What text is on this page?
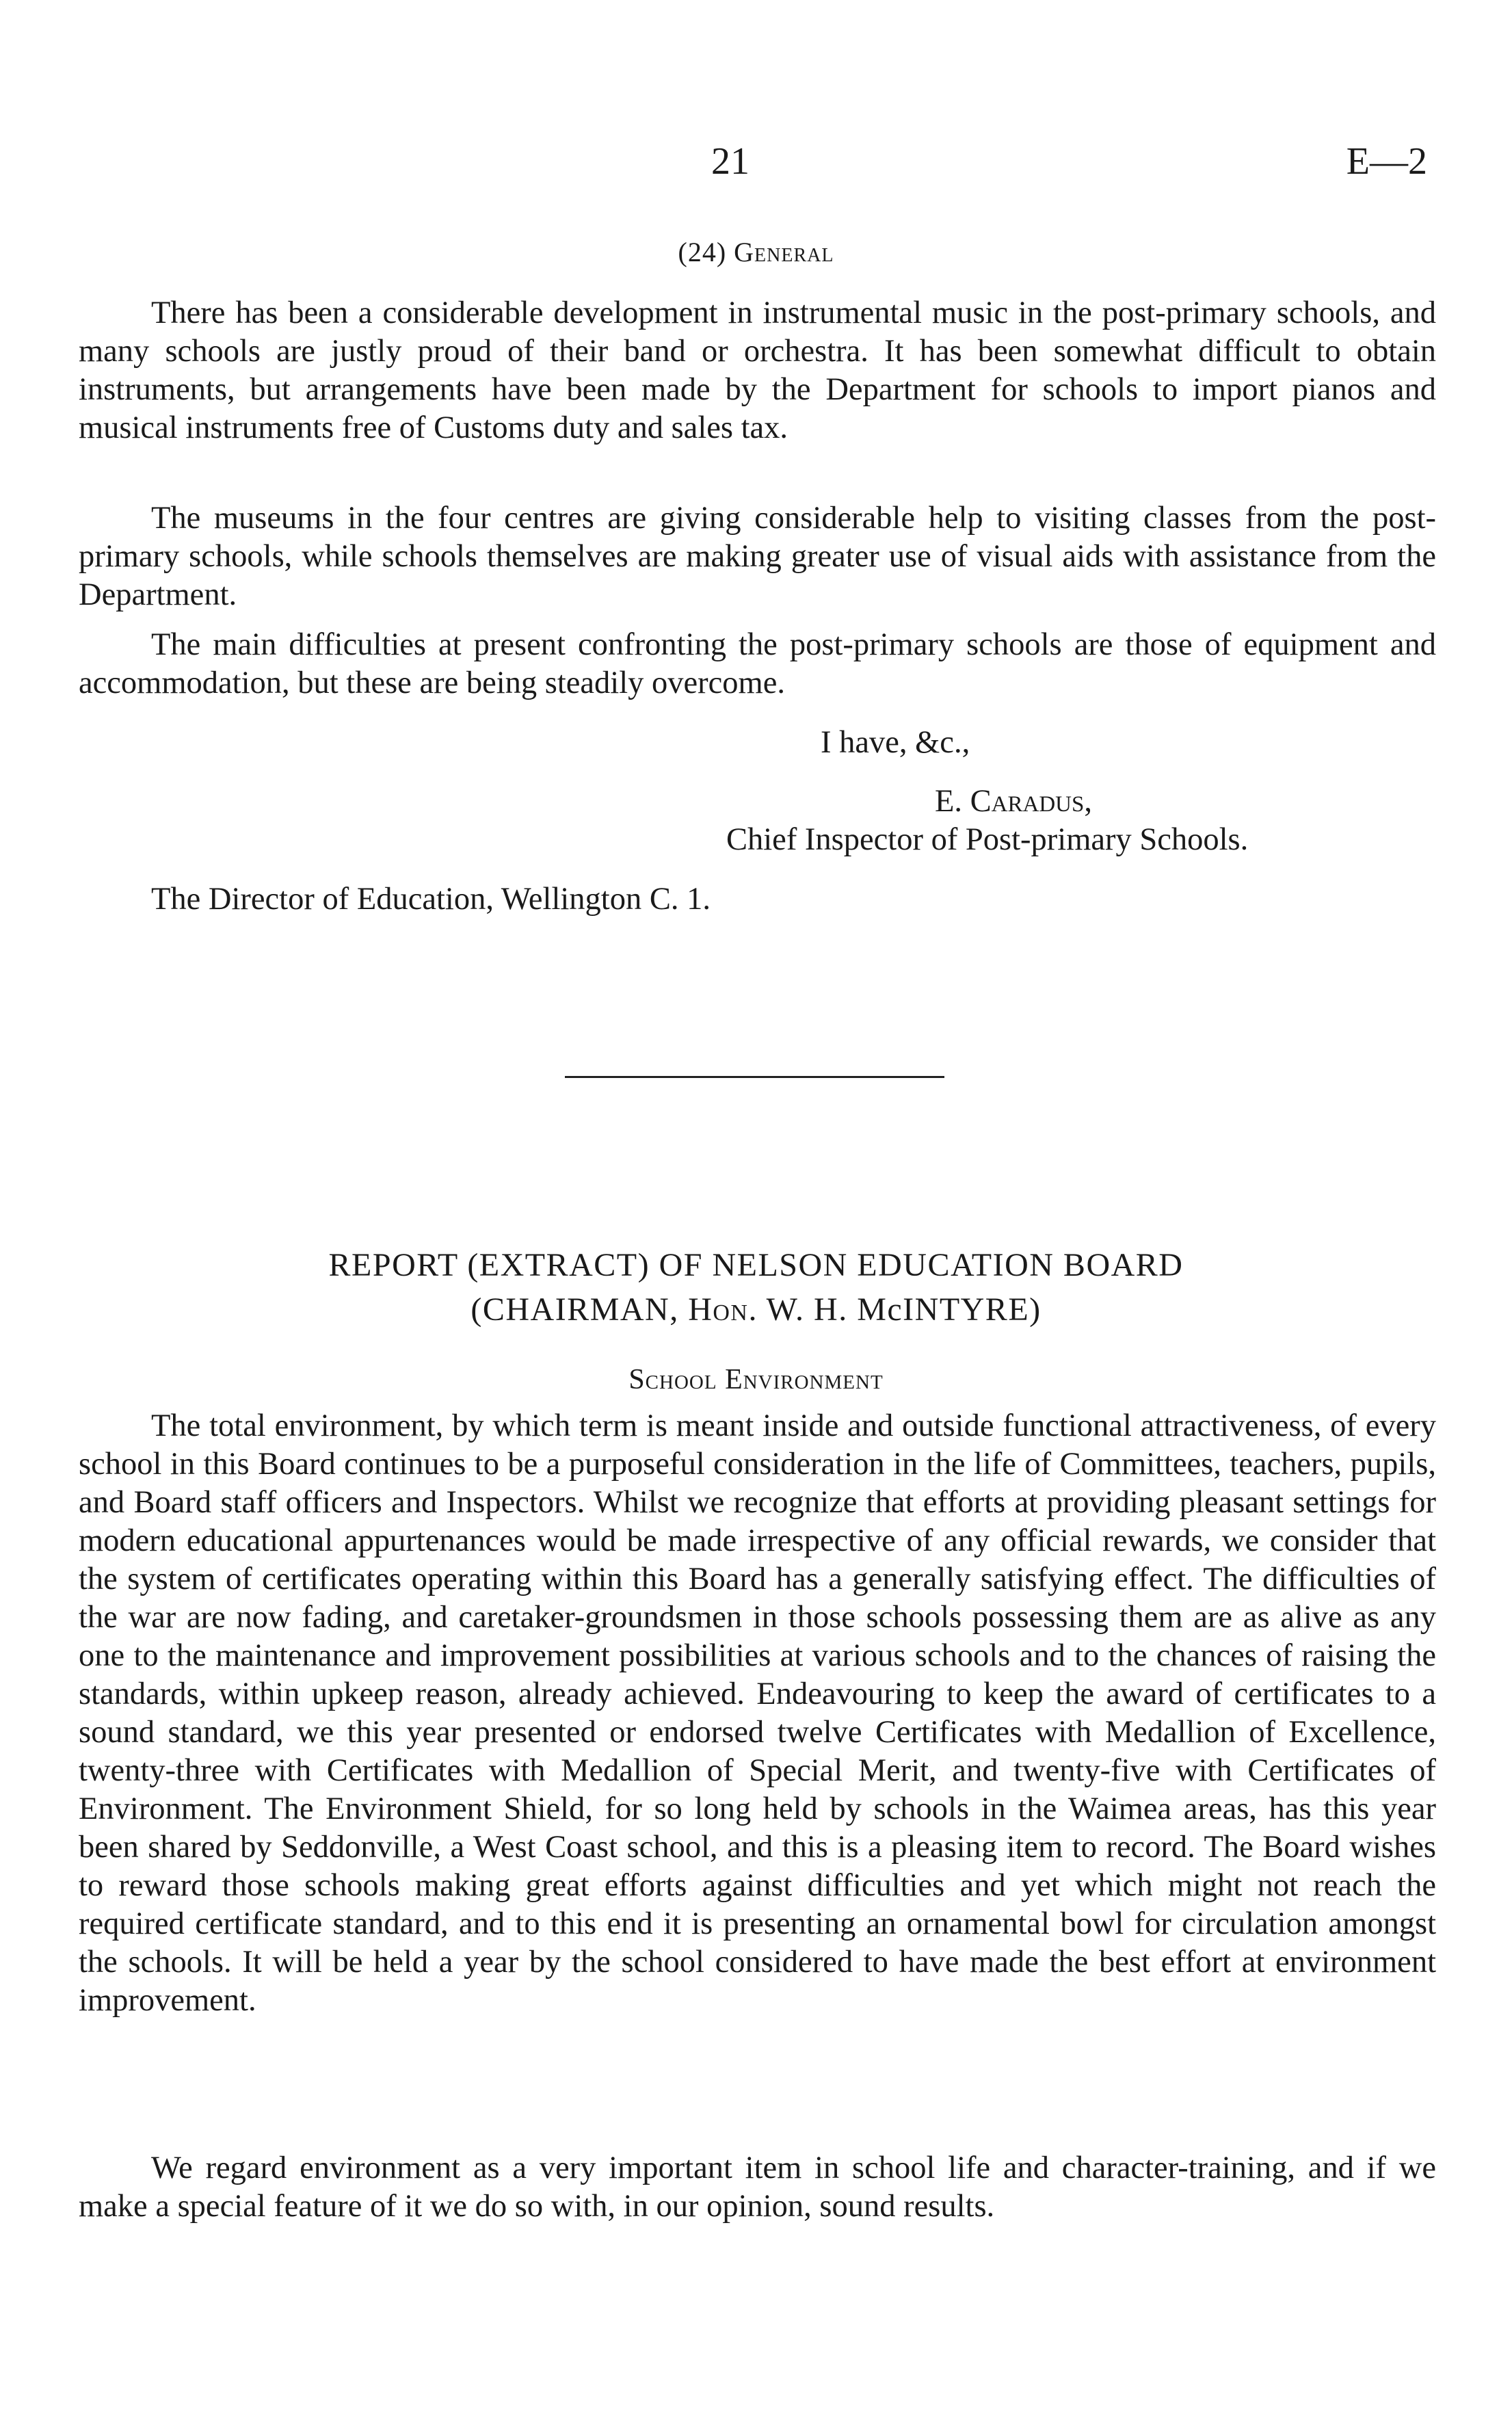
21	E—2
(24) General

There has been a considerable development in instrumental music in the post-primary schools, and many schools are justly proud of their band or orchestra. It has been somewhat difficult to obtain instruments, but arrangements have been made by the Department for schools to import pianos and musical instruments free of Customs duty and sales tax.

The museums in the four centres are giving considerable help to visiting classes from the post-primary schools, while schools themselves are making greater use of visual aids with assistance from the Department.

The main difficulties at present confronting the post-primary schools are those of equipment and accommodation, but these are being steadily overcome.

I have, &c.,
E. Caradus,
Chief Inspector of Post-primary Schools.
The Director of Education, Wellington C. 1.
REPORT (EXTRACT) OF NELSON EDUCATION BOARD
(CHAIRMAN, Hon. W. H. McINTYRE)
School Environment

The total environment, by which term is meant inside and outside functional attractiveness, of every school in this Board continues to be a purposeful consideration in the life of Committees, teachers, pupils, and Board staff officers and Inspectors. Whilst we recognize that efforts at providing pleasant settings for modern educational appurtenances would be made irrespective of any official rewards, we consider that the system of certificates operating within this Board has a generally satisfying effect. The difficulties of the war are now fading, and caretaker-groundsmen in those schools possessing them are as alive as any one to the maintenance and improvement possibilities at various schools and to the chances of raising the standards, within upkeep reason, already achieved. Endeavouring to keep the award of certificates to a sound standard, we this year presented or endorsed twelve Certificates with Medallion of Excellence, twenty-three with Certificates with Medallion of Special Merit, and twenty-five with Certificates of Environment. The Environment Shield, for so long held by schools in the Waimea areas, has this year been shared by Seddonville, a West Coast school, and this is a pleasing item to record. The Board wishes to reward those schools making great efforts against difficulties and yet which might not reach the required certificate standard, and to this end it is presenting an ornamental bowl for circulation amongst the schools. It will be held a year by the school considered to have made the best effort at environment improvement.

We regard environment as a very important item in school life and character-training, and if we make a special feature of it we do so with, in our opinion, sound results.
